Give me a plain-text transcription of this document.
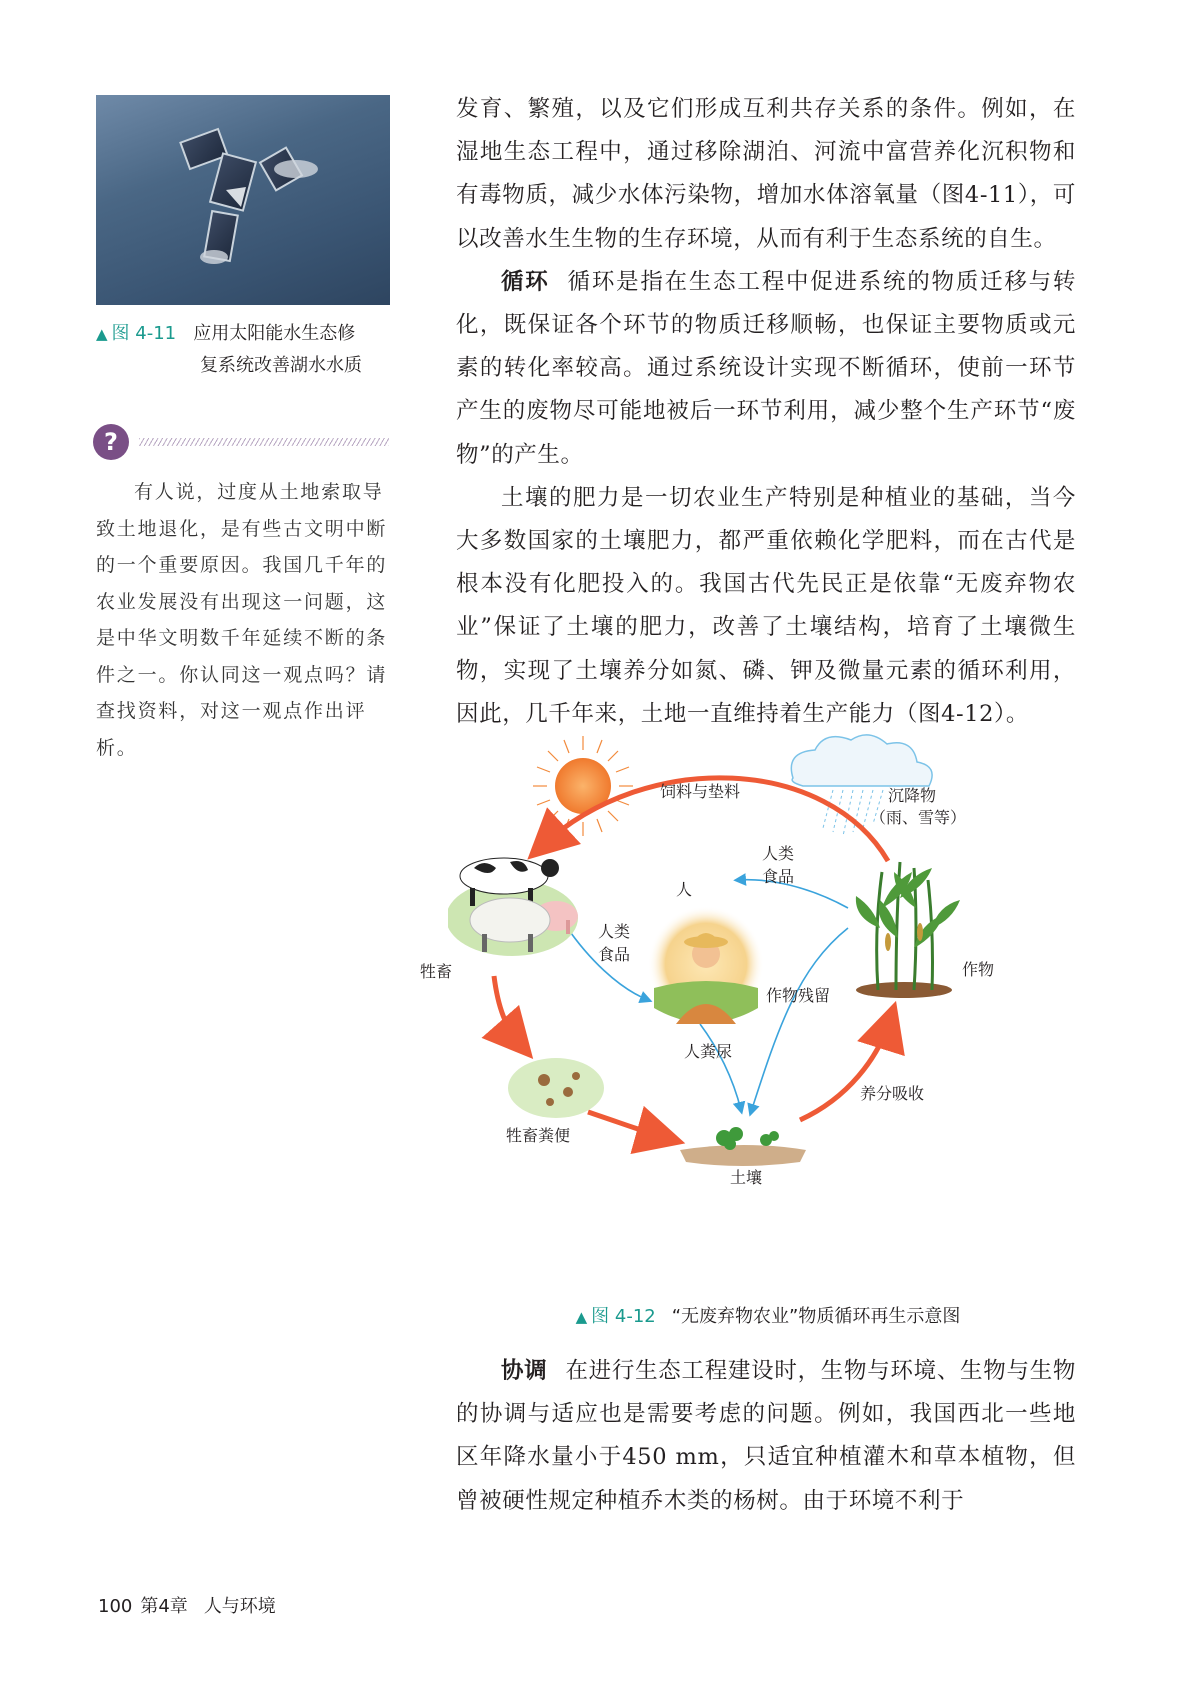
▲ 图 4-11 应用太阳能水生态修
复系统改善湖水水质
?
有人说，过度从土地索取导致土地退化，是有些古文明中断的一个重要原因。我国几千年的农业发展没有出现这一问题，这是中华文明数千年延续不断的条件之一。你认同这一观点吗？请查找资料，对这一观点作出评析。

发育、繁殖，以及它们形成互利共存关系的条件。例如，在湿地生态工程中，通过移除湖泊、河流中富营养化沉积物和有毒物质，减少水体污染物，增加水体溶氧量（图4-11），可以改善水生生物的生存环境，从而有利于生态系统的自生。

循环 循环是指在生态工程中促进系统的物质迁移与转化，既保证各个环节的物质迁移顺畅，也保证主要物质或元素的转化率较高。通过系统设计实现不断循环，使前一环节产生的废物尽可能地被后一环节利用，减少整个生产环节“废物”的产生。

土壤的肥力是一切农业生产特别是种植业的基础，当今大多数国家的土壤肥力，都严重依赖化学肥料，而在古代是根本没有化肥投入的。我国古代先民正是依靠“无废弃物农业”保证了土壤的肥力，改善了土壤结构，培育了土壤微生物，实现了土壤养分如氮、磷、钾及微量元素的循环利用，因此，几千年来，土地一直维持着生产能力（图4-12）。

饲料与垫料	沉降物
（雨、雪等）
人类
食品
人
人类
食品
牲畜	作物
作物残留
人粪尿
养分吸收
牲畜粪便
土壤
▲ 图 4-12 “无废弃物农业”物质循环再生示意图

协调 在进行生态工程建设时，生物与环境、生物与生物的协调与适应也是需要考虑的问题。例如，我国西北一些地区年降水量小于450 mm，只适宜种植灌木和草本植物，但曾被硬性规定种植乔木类的杨树。由于环境不利于

100 第4章 人与环境
